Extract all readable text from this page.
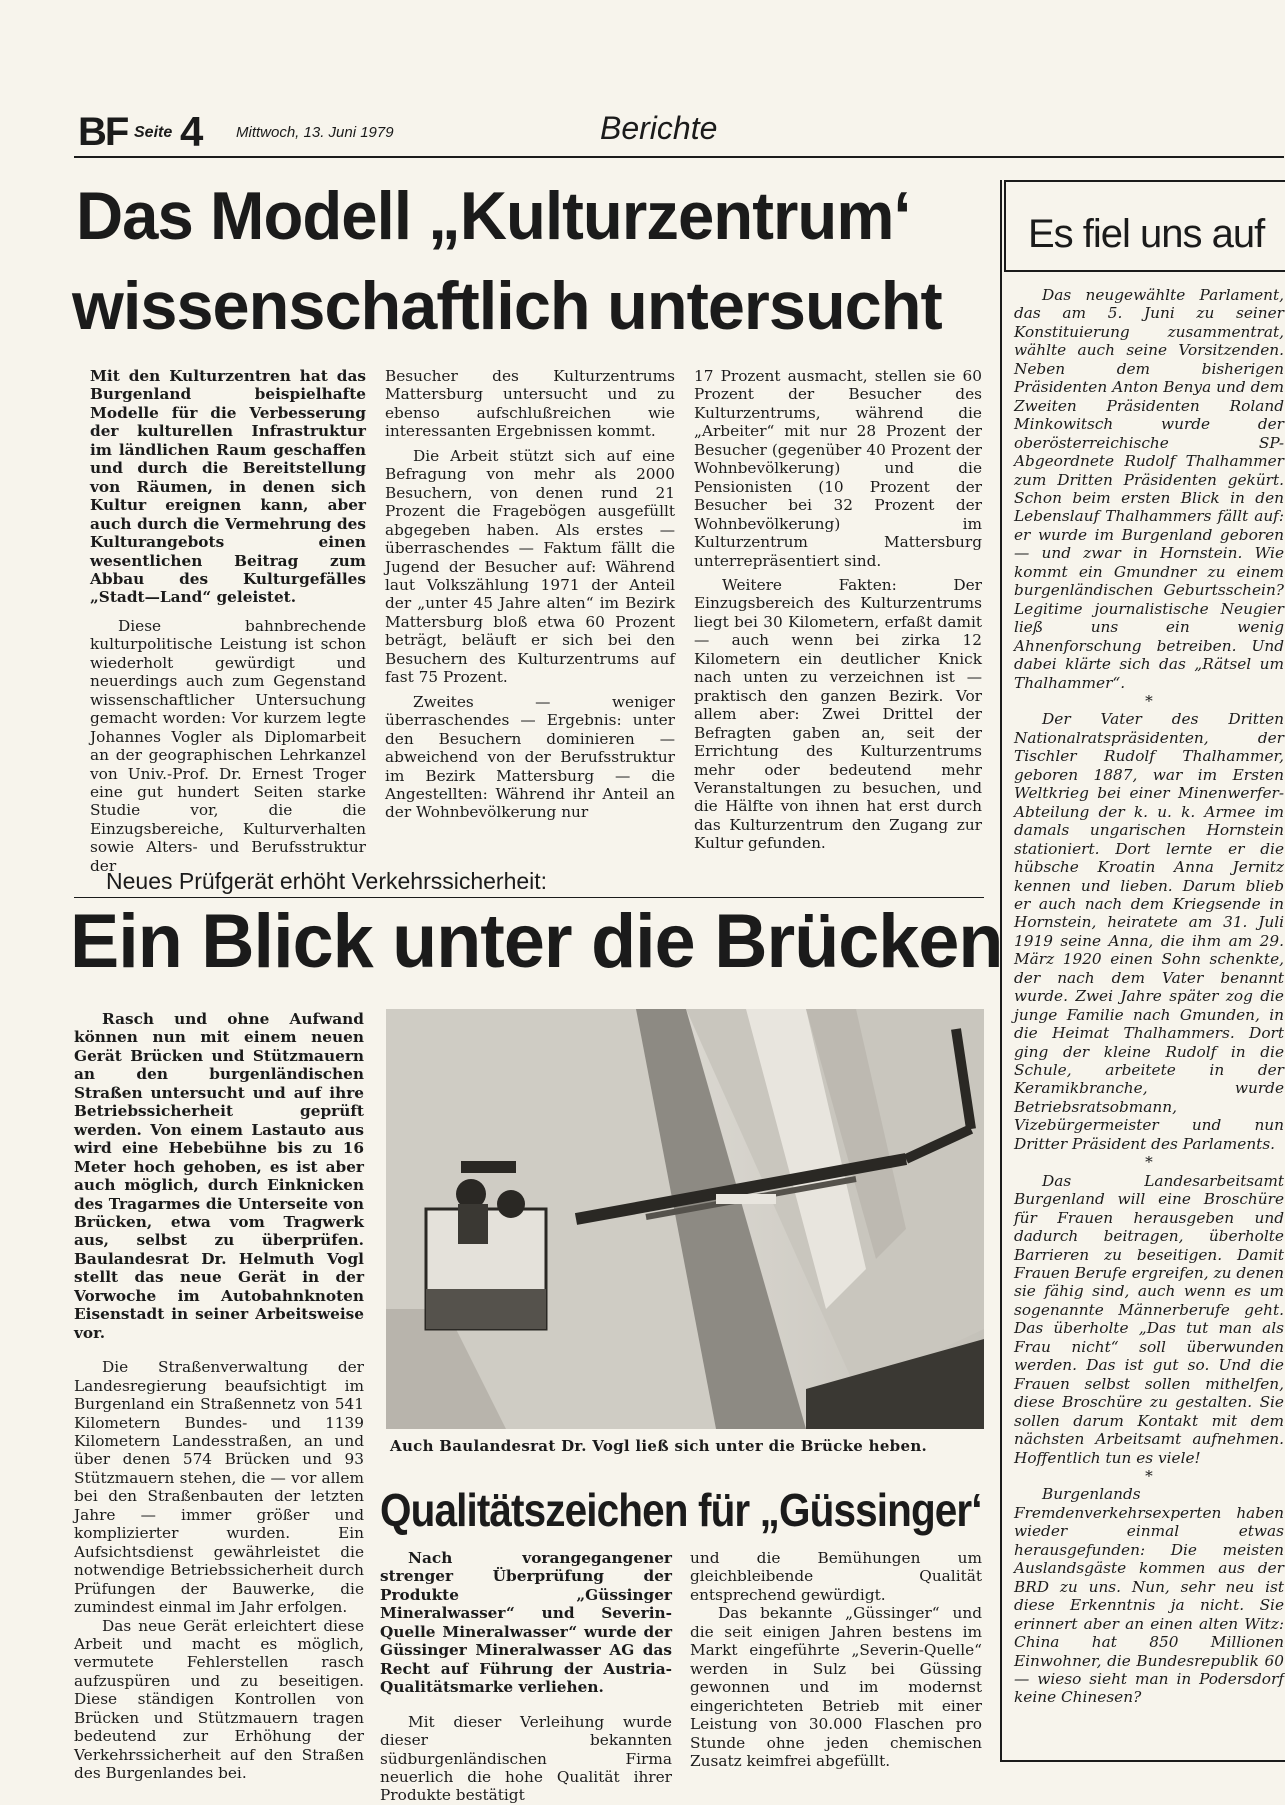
BF Seite 4 Mittwoch, 13. Juni 1979	Berichte
Das Modell „Kulturzentrum‘
wissenschaftlich untersucht

Mit den Kulturzentren hat das Burgenland beispielhafte Modelle für die Verbesserung der kulturellen Infrastruktur im ländlichen Raum geschaffen und durch die Bereitstellung von Räumen, in denen sich Kultur ereignen kann, aber auch durch die Vermehrung des Kulturangebots einen wesentlichen Beitrag zum Abbau des Kulturgefälles „Stadt—Land“ geleistet.

Diese bahnbrechende kulturpolitische Leistung ist schon wiederholt gewürdigt und neuerdings auch zum Gegenstand wissenschaftlicher Untersuchung gemacht worden: Vor kurzem legte Johannes Vogler als Diplomarbeit an der geographischen Lehrkanzel von Univ.-Prof. Dr. Ernest Troger eine gut hundert Seiten starke Studie vor, die die Einzugsbereiche, Kulturverhalten sowie Alters- und Berufsstruktur der

Besucher des Kulturzentrums Mattersburg untersucht und zu ebenso aufschlußreichen wie interessanten Ergebnissen kommt.

Die Arbeit stützt sich auf eine Befragung von mehr als 2000 Besuchern, von denen rund 21 Prozent die Fragebögen ausgefüllt abgegeben haben. Als erstes — überraschendes — Faktum fällt die Jugend der Besucher auf: Während laut Volkszählung 1971 der Anteil der „unter 45 Jahre alten“ im Bezirk Mattersburg bloß etwa 60 Prozent beträgt, beläuft er sich bei den Besuchern des Kulturzentrums auf fast 75 Prozent.

Zweites — weniger überraschendes — Ergebnis: unter den Besuchern dominieren — abweichend von der Berufsstruktur im Bezirk Mattersburg — die Angestellten: Während ihr Anteil an der Wohnbevölkerung nur

17 Prozent ausmacht, stellen sie 60 Prozent der Besucher des Kulturzentrums, während die „Arbeiter“ mit nur 28 Prozent der Besucher (gegenüber 40 Prozent der Wohnbevölkerung) und die Pensionisten (10 Prozent der Besucher bei 32 Prozent der Wohnbevölkerung) im Kulturzentrum Mattersburg unterrepräsentiert sind.

Weitere Fakten: Der Einzugsbereich des Kulturzentrums liegt bei 30 Kilometern, erfaßt damit — auch wenn bei zirka 12 Kilometern ein deutlicher Knick nach unten zu verzeichnen ist — praktisch den ganzen Bezirk. Vor allem aber: Zwei Drittel der Befragten gaben an, seit der Errichtung des Kulturzentrums mehr oder bedeutend mehr Veranstaltungen zu besuchen, und die Hälfte von ihnen hat erst durch das Kulturzentrum den Zugang zur Kultur gefunden.

Neues Prüfgerät erhöht Verkehrssicherheit:
Ein Blick unter die Brücken

Rasch und ohne Aufwand können nun mit einem neuen Gerät Brücken und Stützmauern an den burgenländischen Straßen untersucht und auf ihre Betriebssicherheit geprüft werden. Von einem Lastauto aus wird eine Hebebühne bis zu 16 Meter hoch gehoben, es ist aber auch möglich, durch Einknicken des Tragarmes die Unterseite von Brücken, etwa vom Tragwerk aus, selbst zu überprüfen. Baulandesrat Dr. Helmuth Vogl stellt das neue Gerät in der Vorwoche im Autobahnknoten Eisenstadt in seiner Arbeitsweise vor.

Die Straßenverwaltung der Landesregierung beaufsichtigt im Burgenland ein Straßennetz von 541 Kilometern Bundes- und 1139 Kilometern Landesstraßen, an und über denen 574 Brücken und 93 Stützmauern stehen, die — vor allem bei den Straßenbauten der letzten Jahre — immer größer und komplizierter wurden. Ein Aufsichtsdienst gewährleistet die notwendige Betriebssicherheit durch Prüfungen der Bauwerke, die zumindest einmal im Jahr erfolgen.

Das neue Gerät erleichtert diese Arbeit und macht es möglich, vermutete Fehlerstellen rasch aufzuspüren und zu beseitigen. Diese ständigen Kontrollen von Brücken und Stützmauern tragen bedeutend zur Erhöhung der Verkehrssicherheit auf den Straßen des Burgenlandes bei.

Auch Baulandesrat Dr. Vogl ließ sich unter die Brücke heben.
Qualitätszeichen für „Güssinger‘

Nach vorangegangener strenger Überprüfung der Produkte „Güssinger Mineralwasser“ und Severin-Quelle Mineralwasser“ wurde der Güssinger Mineralwasser AG das Recht auf Führung der Austria-Qualitätsmarke verliehen.

Mit dieser Verleihung wurde dieser bekannten südburgenländischen Firma neuerlich die hohe Qualität ihrer Produkte bestätigt

und die Bemühungen um gleichbleibende Qualität entsprechend gewürdigt.

Das bekannte „Güssinger“ und die seit einigen Jahren bestens im Markt eingeführte „Severin-Quelle“ werden in Sulz bei Güssing gewonnen und im modernst eingerichteten Betrieb mit einer Leistung von 30.000 Flaschen pro Stunde ohne jeden chemischen Zusatz keimfrei abgefüllt.

Es fiel uns auf

Das neugewählte Parlament, das am 5. Juni zu seiner Konstituierung zusammentrat, wählte auch seine Vorsitzenden. Neben dem bisherigen Präsidenten Anton Benya und dem Zweiten Präsidenten Roland Minkowitsch wurde der oberösterreichische SP-Abgeordnete Rudolf Thalhammer zum Dritten Präsidenten gekürt. Schon beim ersten Blick in den Lebenslauf Thalhammers fällt auf: er wurde im Burgenland geboren — und zwar in Hornstein. Wie kommt ein Gmundner zu einem burgenländischen Geburtsschein? Legitime journalistische Neugier ließ uns ein wenig Ahnenforschung betreiben. Und dabei klärte sich das „Rätsel um Thalhammer“.

*

Der Vater des Dritten Nationalratspräsidenten, der Tischler Rudolf Thalhammer, geboren 1887, war im Ersten Weltkrieg bei einer Minenwerfer-Abteilung der k. u. k. Armee im damals ungarischen Hornstein stationiert. Dort lernte er die hübsche Kroatin Anna Jernitz kennen und lieben. Darum blieb er auch nach dem Kriegsende in Hornstein, heiratete am 31. Juli 1919 seine Anna, die ihm am 29. März 1920 einen Sohn schenkte, der nach dem Vater benannt wurde. Zwei Jahre später zog die junge Familie nach Gmunden, in die Heimat Thalhammers. Dort ging der kleine Rudolf in die Schule, arbeitete in der Keramikbranche, wurde Betriebsratsobmann, Vizebürgermeister und nun Dritter Präsident des Parlaments.

*

Das Landesarbeitsamt Burgenland will eine Broschüre für Frauen herausgeben und dadurch beitragen, überholte Barrieren zu beseitigen. Damit Frauen Berufe ergreifen, zu denen sie fähig sind, auch wenn es um sogenannte Männerberufe geht. Das überholte „Das tut man als Frau nicht“ soll überwunden werden. Das ist gut so. Und die Frauen selbst sollen mithelfen, diese Broschüre zu gestalten. Sie sollen darum Kontakt mit dem nächsten Arbeitsamt aufnehmen. Hoffentlich tun es viele!

*

Burgenlands Fremdenverkehrsexperten haben wieder einmal etwas herausgefunden: Die meisten Auslandsgäste kommen aus der BRD zu uns. Nun, sehr neu ist diese Erkenntnis ja nicht. Sie erinnert aber an einen alten Witz: China hat 850 Millionen Einwohner, die Bundesrepublik 60 — wieso sieht man in Podersdorf keine Chinesen?
